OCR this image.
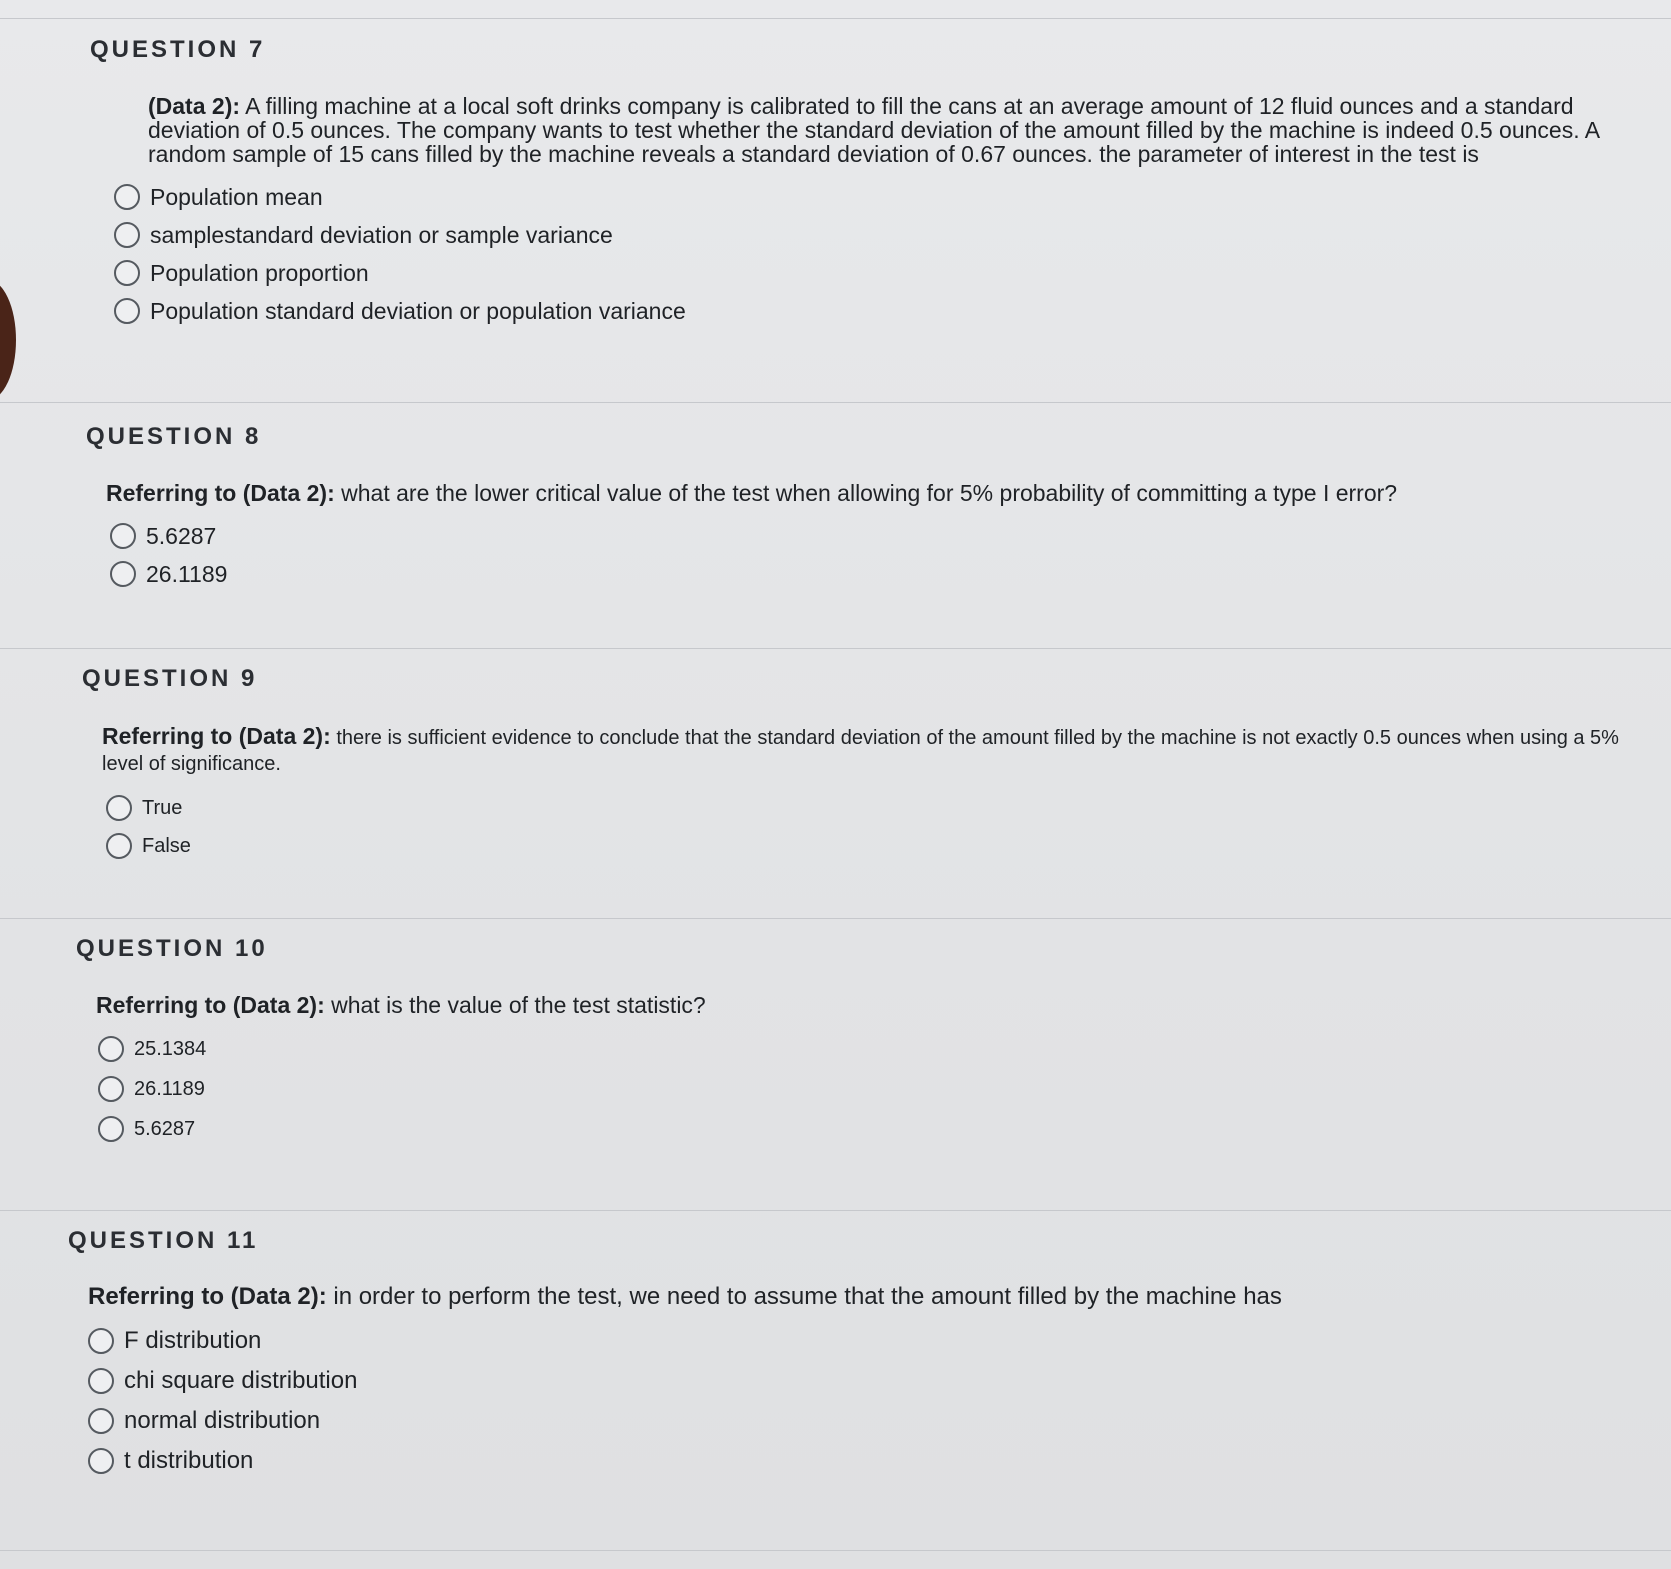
QUESTION 7

(Data 2): A filling machine at a local soft drinks company is calibrated to fill the cans at an average amount of 12 fluid ounces and a standard deviation of 0.5 ounces. The company wants to test whether the standard deviation of the amount filled by the machine is indeed 0.5 ounces. A random sample of 15 cans filled by the machine reveals a standard deviation of 0.67 ounces. the parameter of interest in the test is

Population mean
samplestandard deviation or sample variance
Population proportion
Population standard deviation or population variance
QUESTION 8

Referring to (Data 2): what are the lower critical value of the test when allowing for 5% probability of committing a type I error?

5.6287
26.1189
QUESTION 9

Referring to (Data 2): there is sufficient evidence to conclude that the standard deviation of the amount filled by the machine is not exactly 0.5 ounces when using a 5% level of significance.

True
False
QUESTION 10

Referring to (Data 2): what is the value of the test statistic?

25.1384
26.1189
5.6287
QUESTION 11

Referring to (Data 2): in order to perform the test, we need to assume that the amount filled by the machine has

F distribution
chi square distribution
normal distribution
t distribution
